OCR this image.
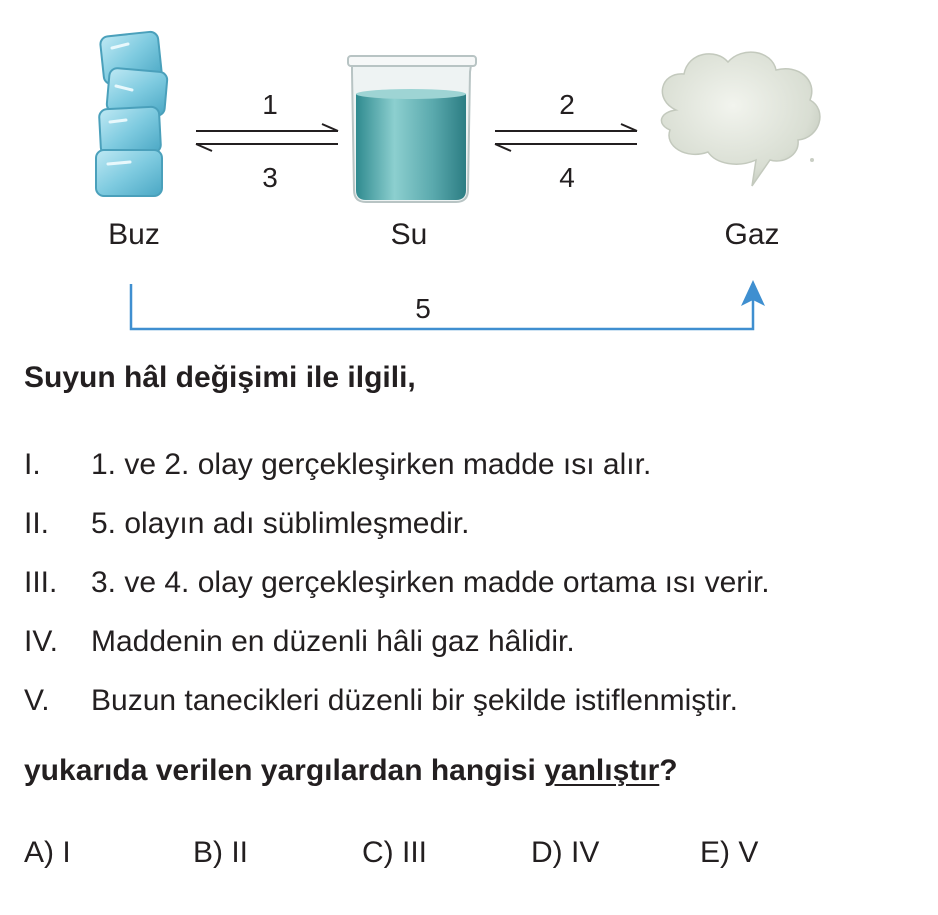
1
3
2
4
5
Buz	Su	Gaz
Suyun hâl değişimi ile ilgili,
I. 1. ve 2. olay gerçekleşirken madde ısı alır.
II. 5. olayın adı süblimleşmedir.
III. 3. ve 4. olay gerçekleşirken madde ortama ısı verir.
IV. Maddenin en düzenli hâli gaz hâlidir.
V. Buzun tanecikleri düzenli bir şekilde istiflenmiştir.
yukarıda verilen yargılardan hangisi yanlıştır?
A) I	B) II	C) III	D) IV	E) V
